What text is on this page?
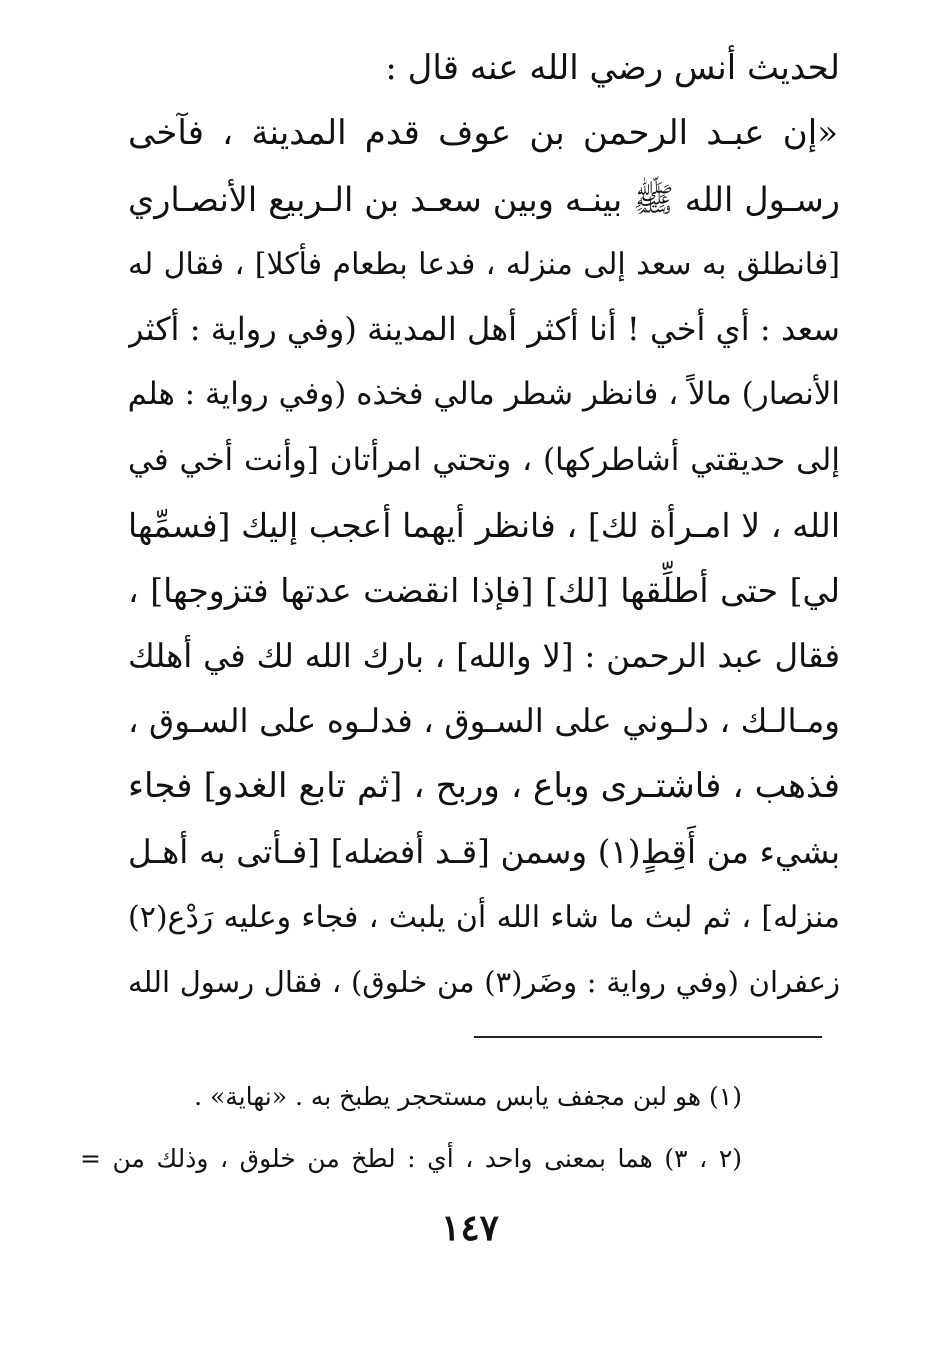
لحديث أنس رضي الله عنه قال :
«إن عبـد الرحمن بن عوف قدم المدينة ، فآخى
رسـول الله ﷺ بينـه وبين سعـد بن الـربيع الأنصـاري
[فانطلق به سعد إلى منزله ، فدعا بطعام فأكلا] ، فقال له
سعد : أي أخي ! أنا أكثر أهل المدينة (وفي رواية : أكثر
الأنصار) مالاً ، فانظر شطر مالي فخذه (وفي رواية : هلم
إلى حديقتي أشاطركها) ، وتحتي امرأتان [وأنت أخي في
الله ، لا امـرأة لك] ، فانظر أيهما أعجب إليك [فسمِّها
لي] حتى أطلِّقها [لك] [فإذا انقضت عدتها فتزوجها] ،
فقال عبد الرحمن : [لا والله] ، بارك الله لك في أهلك
ومـالـك ، دلـوني على السـوق ، فدلـوه على السـوق ،
فذهب ، فاشتـرى وباع ، وربح ، [ثم تابع الغدو] فجاء
بشيء من أَقِطٍ(١) وسمن [قـد أفضله] [فـأتى به أهـل
منزله] ، ثم لبث ما شاء الله أن يلبث ، فجاء وعليه رَدْع(٢)
زعفران (وفي رواية : وضَر(٣) من خلوق) ، فقال رسول الله
(١) هو لبن مجفف يابس مستحجر يطبخ به . «نهاية» .
(٢ ، ٣) هما بمعنى واحد ، أي : لطخ من خلوق ، وذلك من =
١٤٧
